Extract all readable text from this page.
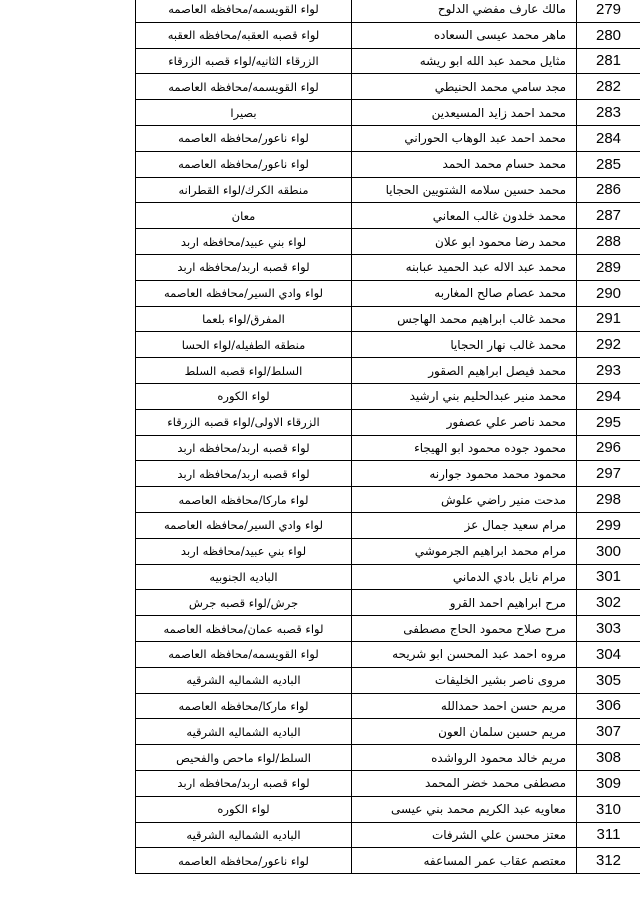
لواء القويسمه/محافظه العاصمه	مالك عارف مفضي الدلوح	279
لواء قصبه العقبه/محافظه العقبه	ماهر محمد عيسى السعاده	280
الزرقاء الثانيه/لواء قصبه الزرقاء	مثايل محمد عبد الله ابو ريشه	281
لواء القويسمه/محافظه العاصمه	مجد سامي محمد الحنيطي	282
بصيرا	محمد احمد زايد المسيعدين	283
لواء ناعور/محافظه العاصمه	محمد احمد عبد الوهاب الحوراني	284
لواء ناعور/محافظه العاصمه	محمد حسام محمد الحمد	285
منطقه الكرك/لواء القطرانه	محمد حسين سلامه الشتويين الحجايا	286
معان	محمد خلدون غالب المعاني	287
لواء بني عبيد/محافظه اربد	محمد رضا محمود ابو علان	288
لواء قصبه اربد/محافظه اربد	محمد عبد الاله عبد الحميد عبابنه	289
لواء وادي السير/محافظه العاصمه	محمد عصام صالح المغاربه	290
المفرق/لواء بلعما	محمد غالب ابراهيم محمد الهاجس	291
منطقه الطفيله/لواء الحسا	محمد غالب نهار الحجايا	292
السلط/لواء قصبه السلط	محمد فيصل ابراهيم الصقور	293
لواء الكوره	محمد منير عبدالحليم بني ارشيد	294
الزرقاء الاولى/لواء قصبه الزرقاء	محمد ناصر علي عصفور	295
لواء قصبه اربد/محافظه اربد	محمود جوده محمود ابو الهيجاء	296
لواء قصبه اربد/محافظه اربد	محمود محمد محمود جوارنه	297
لواء ماركا/محافظه العاصمه	مدحت منير راضي علوش	298
لواء وادي السير/محافظه العاصمه	مرام سعيد جمال عز	299
لواء بني عبيد/محافظه اربد	مرام محمد ابراهيم الجرموشي	300
الباديه الجنوبيه	مرام نايل بادي الدماني	301
جرش/لواء قصبه جرش	مرح ابراهيم احمد القرو	302
لواء قصبه عمان/محافظه العاصمه	مرح صلاح محمود الحاج مصطفى	303
لواء القويسمه/محافظه العاصمه	مروه احمد عبد المحسن ابو شريحه	304
الباديه الشماليه الشرقيه	مروى ناصر بشير الخليفات	305
لواء ماركا/محافظه العاصمه	مريم حسن احمد حمدالله	306
الباديه الشماليه الشرقيه	مريم حسين سلمان العون	307
السلط/لواء ماحص والفحيص	مريم خالد محمود الرواشده	308
لواء قصبه اربد/محافظه اربد	مصطفى محمد خضر المحمد	309
لواء الكوره	معاويه عبد الكريم محمد بني عيسى	310
الباديه الشماليه الشرقيه	معتز محسن علي الشرفات	311
لواء ناعور/محافظه العاصمه	معتصم عقاب عمر المساعفه	312
